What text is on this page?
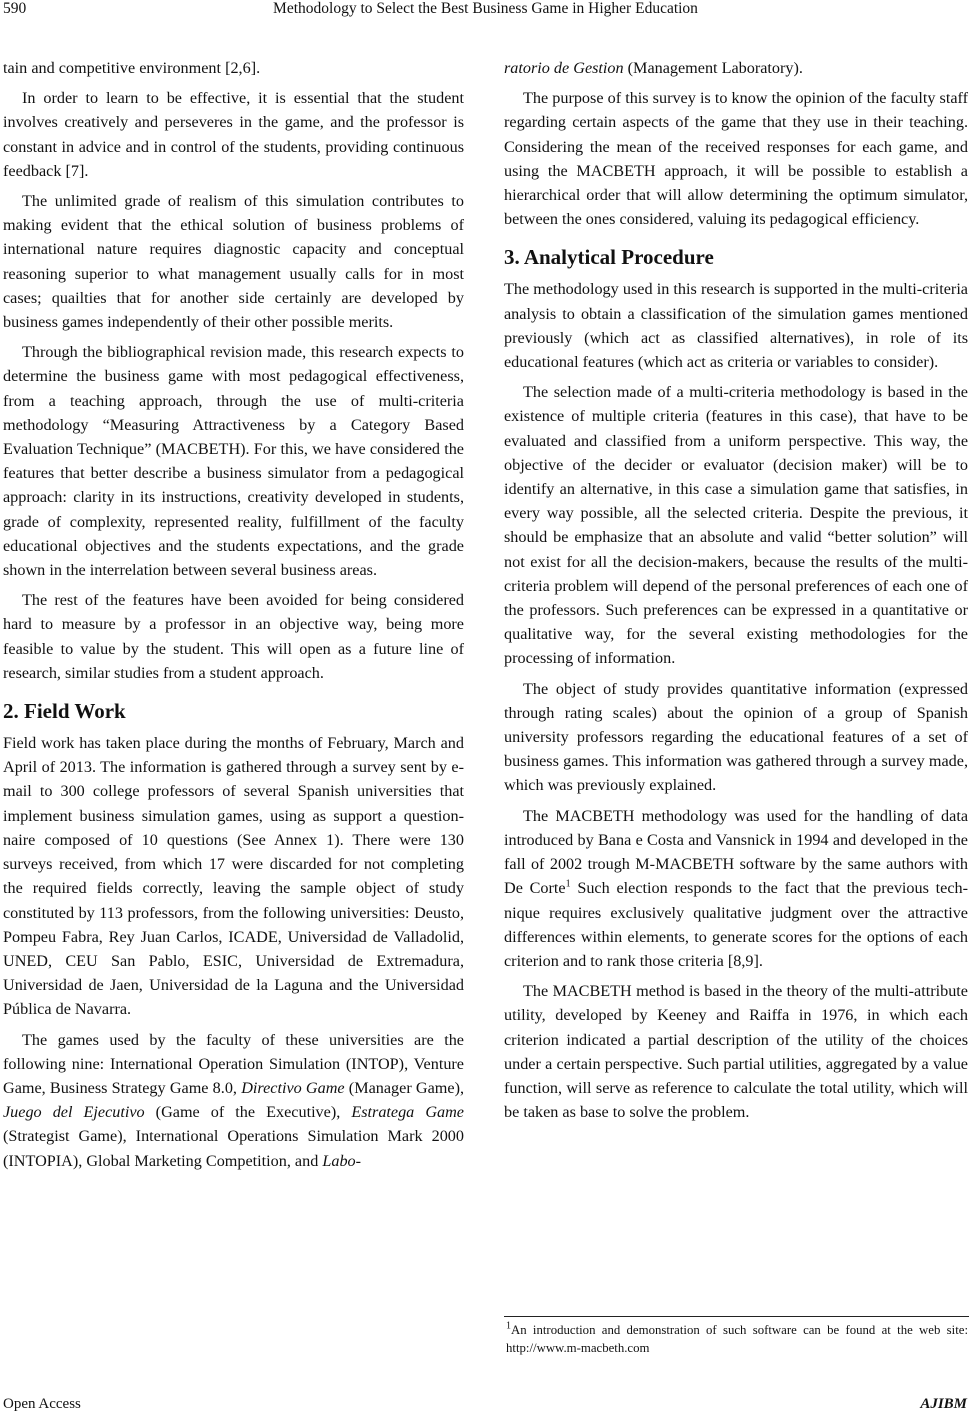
590	Methodology to Select the Best Business Game in Higher Education

tain and competitive environment [2,6].

In order to learn to be effective, it is essential that the student involves creatively and perseveres in the game, and the professor is constant in advice and in control of the students, providing continuous feedback [7].

The unlimited grade of realism of this simulation contributes to making evident that the ethical solution of business problems of international nature requires diagnostic capacity and conceptual reasoning superior to what management usually calls for in most cases; quailties that for another side certainly are developed by business games independently of their other possible merits.

Through the bibliographical revision made, this research expects to determine the business game with most pedagogical effectiveness, from a teaching approach, through the use of multi-criteria methodology “Measuring Attractiveness by a Category Based Evaluation Technique” (MACBETH). For this, we have considered the features that better describe a business simulator from a pedagogical approach: clarity in its instructions, creativity developed in students, grade of complexity, represented reality, fulfillment of the faculty educational objectives and the students expectations, and the grade shown in the interrelation between several business areas.

The rest of the features have been avoided for being considered hard to measure by a professor in an objective way, being more feasible to value by the student. This will open as a future line of research, similar studies from a student approach.

2. Field Work

Field work has taken place during the months of February, March and April of 2013. The information is gathered through a survey sent by e-mail to 300 college professors of several Spanish universities that implement business simulation games, using as support a questionnaire composed of 10 questions (See Annex 1). There were 130 surveys received, from which 17 were discarded for not completing the required fields correctly, leaving the sample object of study constituted by 113 professors, from the following universities: Deusto, Pompeu Fabra, Rey Juan Carlos, ICADE, Universidad de Valladolid, UNED, CEU San Pablo, ESIC, Universidad de Extremadura, Universidad de Jaen, Universidad de la Laguna and the Universidad Pública de Navarra.

The games used by the faculty of these universities are the following nine: International Operation Simulation (INTOP), Venture Game, Business Strategy Game 8.0, Directivo Game (Manager Game), Juego del Ejecutivo (Game of the Executive), Estratega Game (Strategist Game), International Operations Simulation Mark 2000 (INTOPIA), Global Marketing Competition, and Labo-

ratorio de Gestion (Management Laboratory).

The purpose of this survey is to know the opinion of the faculty staff regarding certain aspects of the game that they use in their teaching. Considering the mean of the received responses for each game, and using the MACBETH approach, it will be possible to establish a hierarchical order that will allow determining the optimum simulator, between the ones considered, valuing its pedagogical efficiency.

3. Analytical Procedure

The methodology used in this research is supported in the multi-criteria analysis to obtain a classification of the simulation games mentioned previously (which act as classified alternatives), in role of its educational features (which act as criteria or variables to consider).

The selection made of a multi-criteria methodology is based in the existence of multiple criteria (features in this case), that have to be evaluated and classified from a uniform perspective. This way, the objective of the decider or evaluator (decision maker) will be to identify an alternative, in this case a simulation game that satisfies, in every way possible, all the selected criteria. Despite the previous, it should be emphasize that an absolute and valid “better solution” will not exist for all the decision-makers, because the results of the multi-criteria problem will depend of the personal preferences of each one of the professors. Such preferences can be expressed in a quantitative or qualitative way, for the several existing methodologies for the processing of information.

The object of study provides quantitative information (expressed through rating scales) about the opinion of a group of Spanish university professors regarding the educational features of a set of business games. This information was gathered through a survey made, which was previously explained.

The MACBETH methodology was used for the handling of data introduced by Bana e Costa and Vansnick in 1994 and developed in the fall of 2002 trough M-MACBETH software by the same authors with De Corte$^1$ Such election responds to the fact that the previous technique requires exclusively qualitative judgment over the attractive differences within elements, to generate scores for the options of each criterion and to rank those criteria [8,9].

The MACBETH method is based in the theory of the multi-attribute utility, developed by Keeney and Raiffa in 1976, in which each criterion indicated a partial description of the utility of the choices under a certain perspective. Such partial utilities, aggregated by a value function, will serve as reference to calculate the total utility, which will be taken as base to solve the problem.

$^1$An introduction and demonstration of such software can be found at the web site: http://www.m-macbeth.com
Open Access	AJIBM
